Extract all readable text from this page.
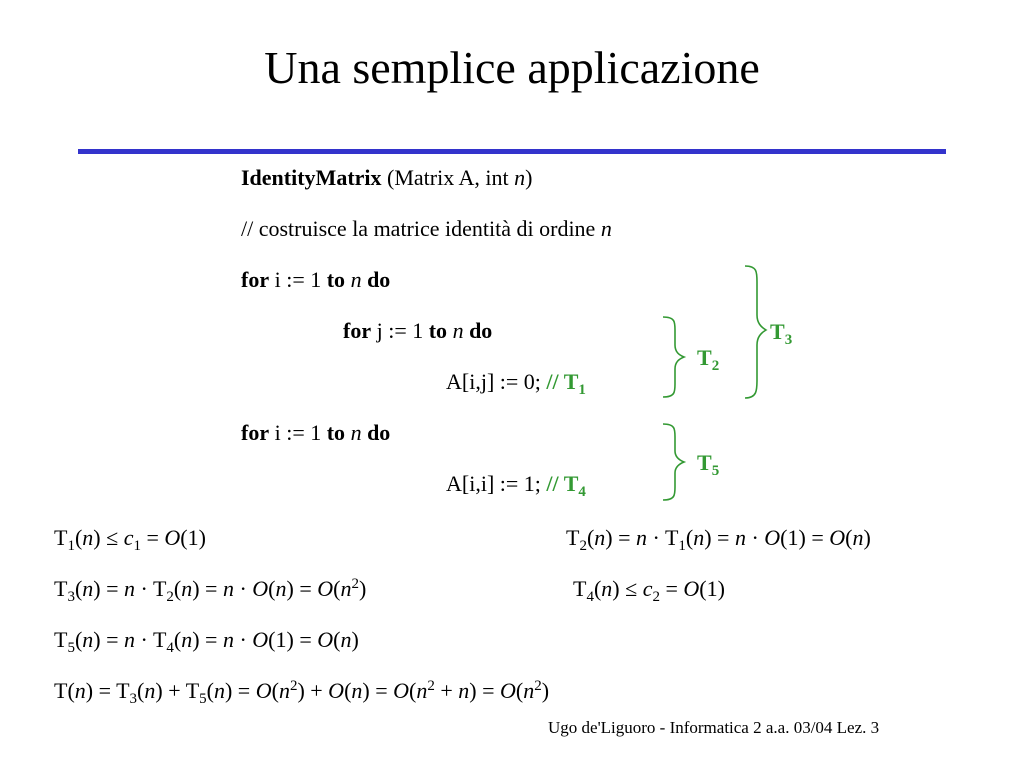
Una semplice applicazione
IdentityMatrix (Matrix A, int n)
// costruisce la matrice identità di ordine n
for i := 1 to n do
for j := 1 to n do
A[i,j] := 0; // $T_1$
for i := 1 to n do
A[i,i] := 1; // $T_4$
$T_2$
$T_3$
$T_5$
$T_1(n) \le c_1 = O(1)$	$T_2(n) = n \cdot T_1(n) = n \cdot O(1) = O(n)$
$T_3(n) = n \cdot T_2(n) = n \cdot O(n) = O(n^2)$	$T_4(n) \le c_2 = O(1)$
$T_5(n) = n \cdot T_4(n) = n \cdot O(1) = O(n)$
$T(n) = T_3(n) + T_5(n) = O(n^2) + O(n) = O(n^2 + n) = O(n^2)$
Ugo de'Liguoro - Informatica 2 a.a. 03/04 Lez. 3
